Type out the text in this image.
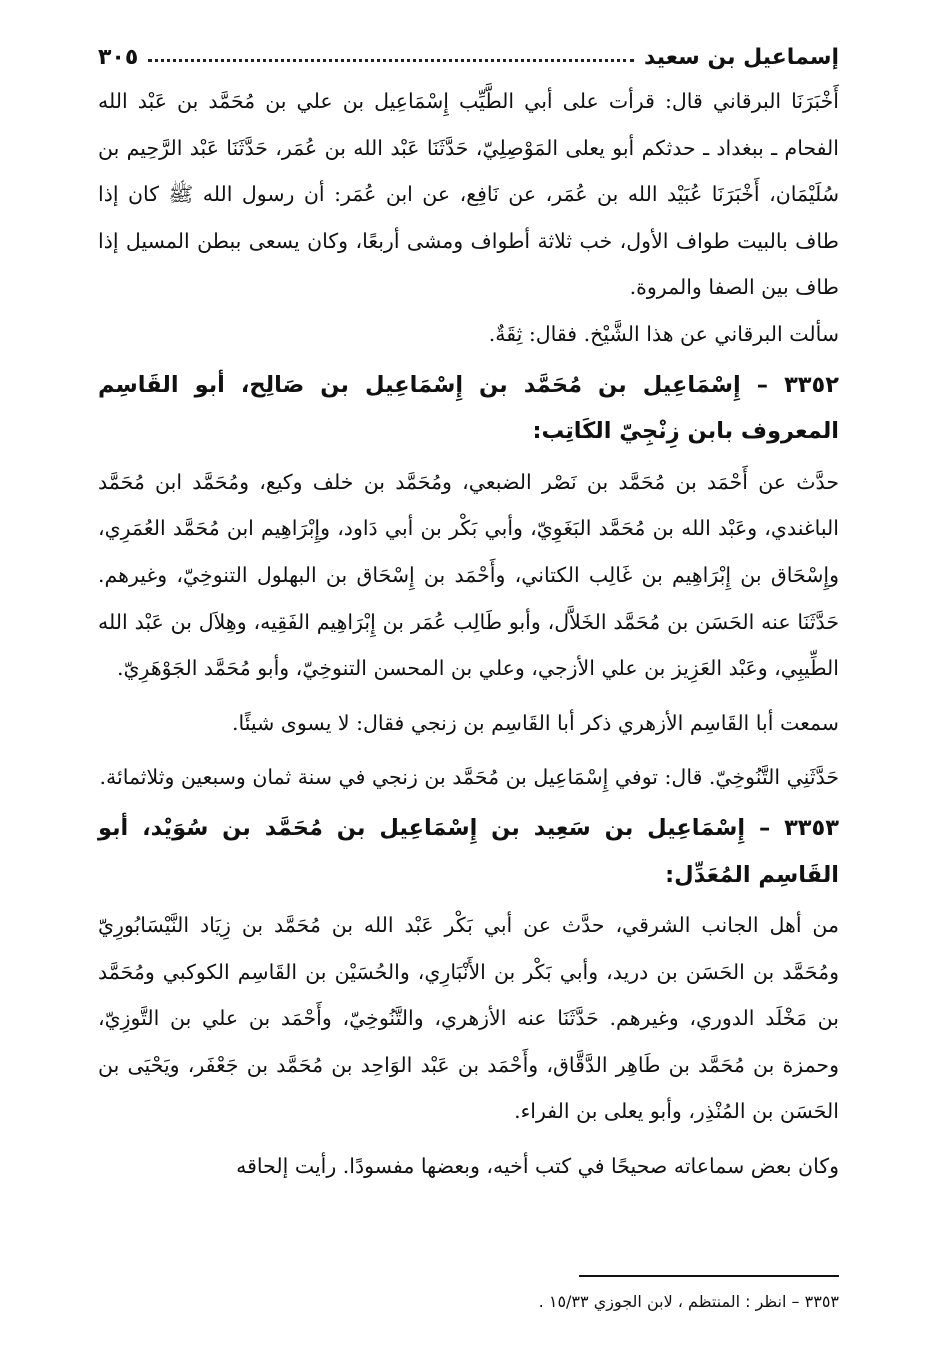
إسماعيل بن سعيد
٣٠٥

أَخْبَرَنَا البرقاني قال: قرأت على أبي الطَّيِّب إِسْمَاعِيل بن علي بن مُحَمَّد بن عَبْد الله الفحام ـ ببغداد ـ حدثكم أبو يعلى المَوْصِلِيّ، حَدَّثَنَا عَبْد الله بن عُمَر، حَدَّثَنَا عَبْد الرَّحِيم بن سُلَيْمَان، أَخْبَرَنَا عُبَيْد الله بن عُمَر، عن نَافِع، عن ابن عُمَر: أن رسول الله ﷺ كان إذا طاف بالبيت طواف الأول، خب ثلاثة أطواف ومشى أربعًا، وكان يسعى ببطن المسيل إذا طاف بين الصفا والمروة.

سألت البرقاني عن هذا الشَّيْخ. فقال: ثِقَةٌ.

٣٣٥٢ – إِسْمَاعِيل بن مُحَمَّد بن إِسْمَاعِيل بن صَالِح، أبو القَاسِم المعروف بابن زِنْجِيّ الكَاتِب:

حدَّث عن أَحْمَد بن مُحَمَّد بن نَصْر الضبعي، ومُحَمَّد بن خلف وكيع، ومُحَمَّد ابن مُحَمَّد الباغندي، وعَبْد الله بن مُحَمَّد البَغَوِيّ، وأبي بَكْر بن أبي دَاود، وإِبْرَاهِيم ابن مُحَمَّد العُمَرِي، وإِسْحَاق بن إِبْرَاهِيم بن غَالِب الكتاني، وأَحْمَد بن إِسْحَاق بن البهلول التنوخِيّ، وغيرهم. حَدَّثَنَا عنه الحَسَن بن مُحَمَّد الخَلاَّل، وأبو طَالِب عُمَر بن إِبْرَاهِيم الفَقِيه، وهِلاَل بن عَبْد الله الطِّيبِي، وعَبْد العَزِيز بن علي الأزجي، وعلي بن المحسن التنوخِيّ، وأبو مُحَمَّد الجَوْهَرِيّ.

سمعت أبا القَاسِم الأزهري ذكر أبا القَاسِم بن زنجي فقال: لا يسوى شيئًا.

حَدَّثَنِي التَّنُوخِيّ. قال: توفي إِسْمَاعِيل بن مُحَمَّد بن زنجي في سنة ثمان وسبعين وثلاثمائة.

٣٣٥٣ – إِسْمَاعِيل بن سَعِيد بن إِسْمَاعِيل بن مُحَمَّد بن سُوَيْد، أبو القَاسِم المُعَدِّل:

من أهل الجانب الشرقي، حدَّث عن أبي بَكْر عَبْد الله بن مُحَمَّد بن زِيَاد النَّيْسَابُورِيّ ومُحَمَّد بن الحَسَن بن دريد، وأبي بَكْر بن الأَنْبَارِي، والحُسَيْن بن القَاسِم الكوكبي ومُحَمَّد بن مَخْلَد الدوري، وغيرهم. حَدَّثَنَا عنه الأزهري، والتَّنُوخِيّ، وأَحْمَد بن علي بن التَّوزِيّ، وحمزة بن مُحَمَّد بن طَاهِر الدَّقَّاق، وأَحْمَد بن عَبْد الوَاحِد بن مُحَمَّد بن جَعْفَر، ويَحْيَى بن الحَسَن بن المُنْذِر، وأبو يعلى بن الفراء.

وكان بعض سماعاته صحيحًا في كتب أخيه، وبعضها مفسودًا. رأيت إلحاقه

٣٣٥٣ – انظر : المنتظم ، لابن الجوزي ١٥/٣٣ .
